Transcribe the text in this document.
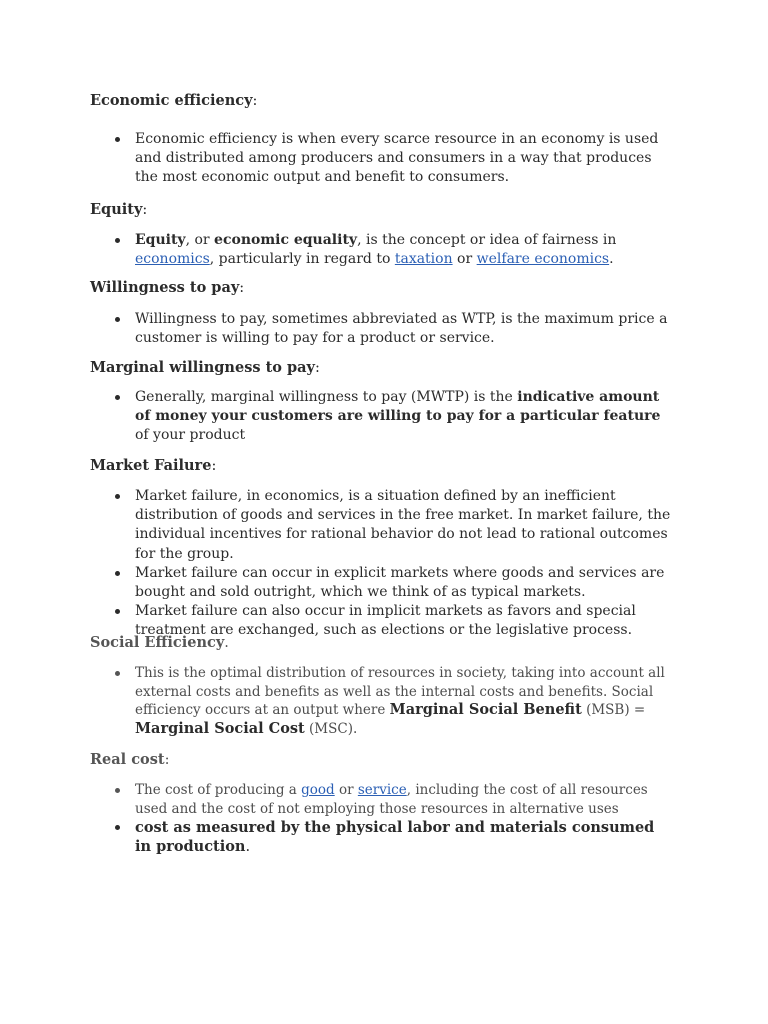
Economic efficiency:
Economic efficiency is when every scarce resource in an economy is used and distributed among producers and consumers in a way that produces the most economic output and benefit to consumers.
Equity:
Equity, or economic equality, is the concept or idea of fairness in economics, particularly in regard to taxation or welfare economics.
Willingness to pay:
Willingness to pay, sometimes abbreviated as WTP, is the maximum price a customer is willing to pay for a product or service.
Marginal willingness to pay:
Generally, marginal willingness to pay (MWTP) is the indicative amount of money your customers are willing to pay for a particular feature of your product
Market Failure:
Market failure, in economics, is a situation defined by an inefficient distribution of goods and services in the free market. In market failure, the individual incentives for rational behavior do not lead to rational outcomes for the group.
Market failure can occur in explicit markets where goods and services are bought and sold outright, which we think of as typical markets.
Market failure can also occur in implicit markets as favors and special treatment are exchanged, such as elections or the legislative process.
Social Efficiency.
This is the optimal distribution of resources in society, taking into account all external costs and benefits as well as the internal costs and benefits. Social efficiency occurs at an output where Marginal Social Benefit (MSB) = Marginal Social Cost (MSC).
Real cost:
The cost of producing a good or service, including the cost of all resources used and the cost of not employing those resources in alternative uses
cost as measured by the physical labor and materials consumed in production.
